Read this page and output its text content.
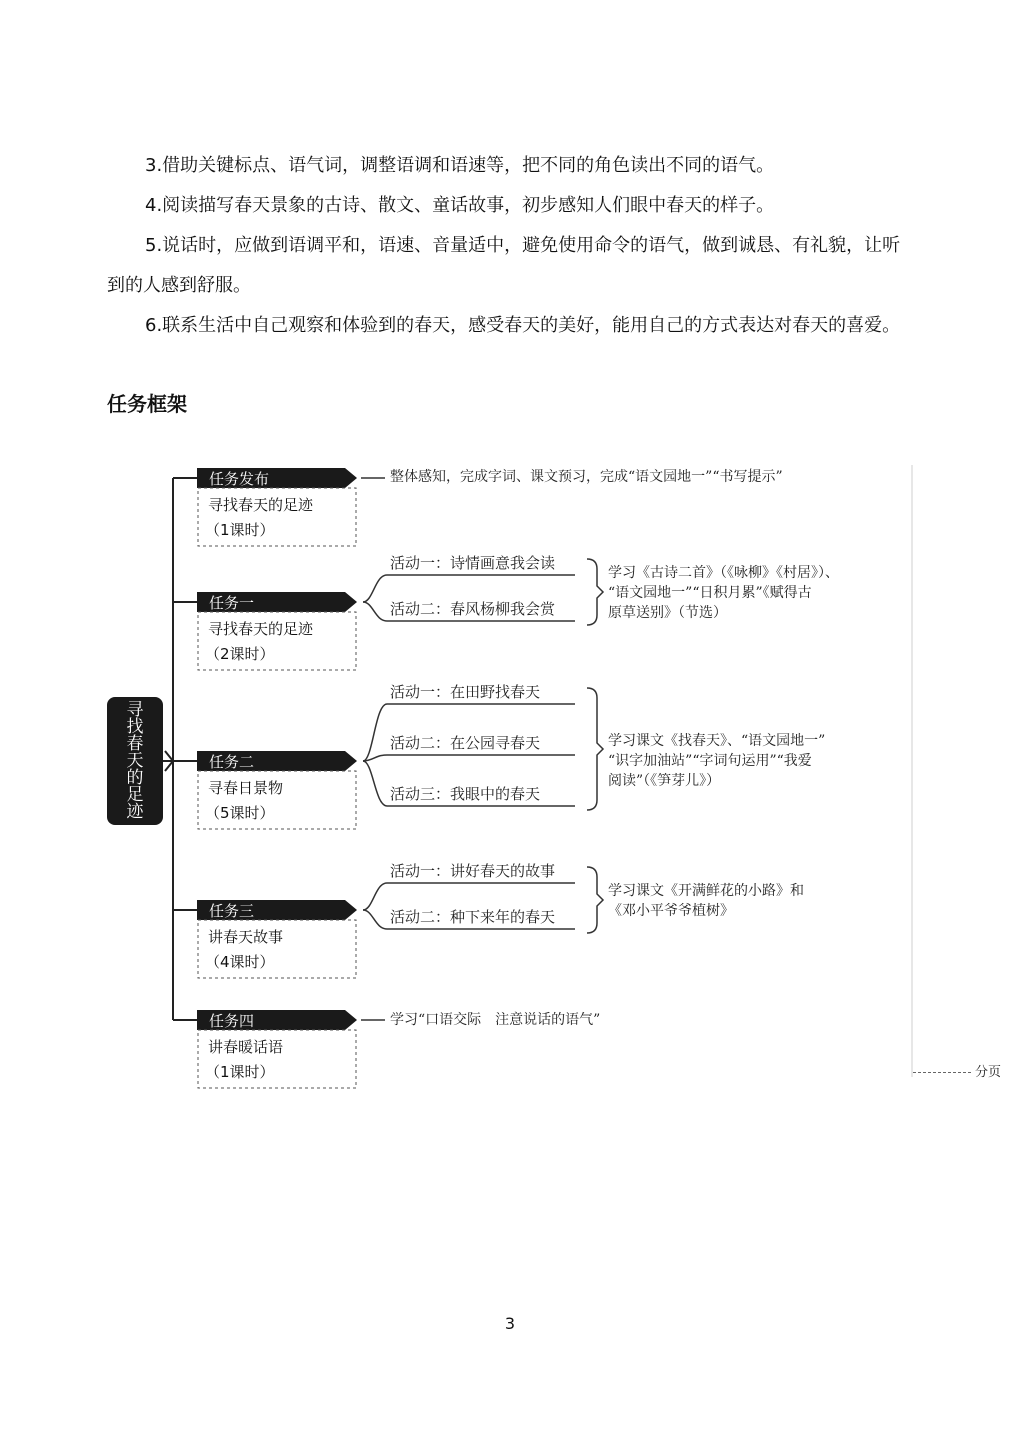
3.借助关键标点、语气词，调整语调和语速等，把不同的角色读出不同的语气。

4.阅读描写春天景象的古诗、散文、童话故事，初步感知人们眼中春天的样子。

5.说话时，应做到语调平和，语速、音量适中，避免使用命令的语气，做到诚恳、有礼貌，让听到的人感到舒服。

6.联系生活中自己观察和体验到的春天，感受春天的美好，能用自己的方式表达对春天的喜爱。

任务框架
寻
找
春
天
的
足
迹
任务发布
寻找春天的足迹
（1课时）
整体感知，完成字词、课文预习，完成“语文园地一”“书写提示”
任务一
寻找春天的足迹
（2课时）
活动一：诗情画意我会读
活动二：春风杨柳我会赏
学习《古诗二首》（《咏柳》《村居》）、
“语文园地一”“日积月累”《赋得古
原草送别》（节选）
任务二
寻春日景物
（5课时）
活动一：在田野找春天
活动二：在公园寻春天
活动三：我眼中的春天
学习课文《找春天》、“语文园地一”
“识字加油站”“字词句运用”“我爱
阅读”（《笋芽儿》）
任务三
讲春天故事
（4课时）
活动一：讲好春天的故事
活动二：种下来年的春天
学习课文《开满鲜花的小路》和
《邓小平爷爷植树》
任务四
讲春暖话语
（1课时）
学习“口语交际　注意说话的语气”
分页
3
